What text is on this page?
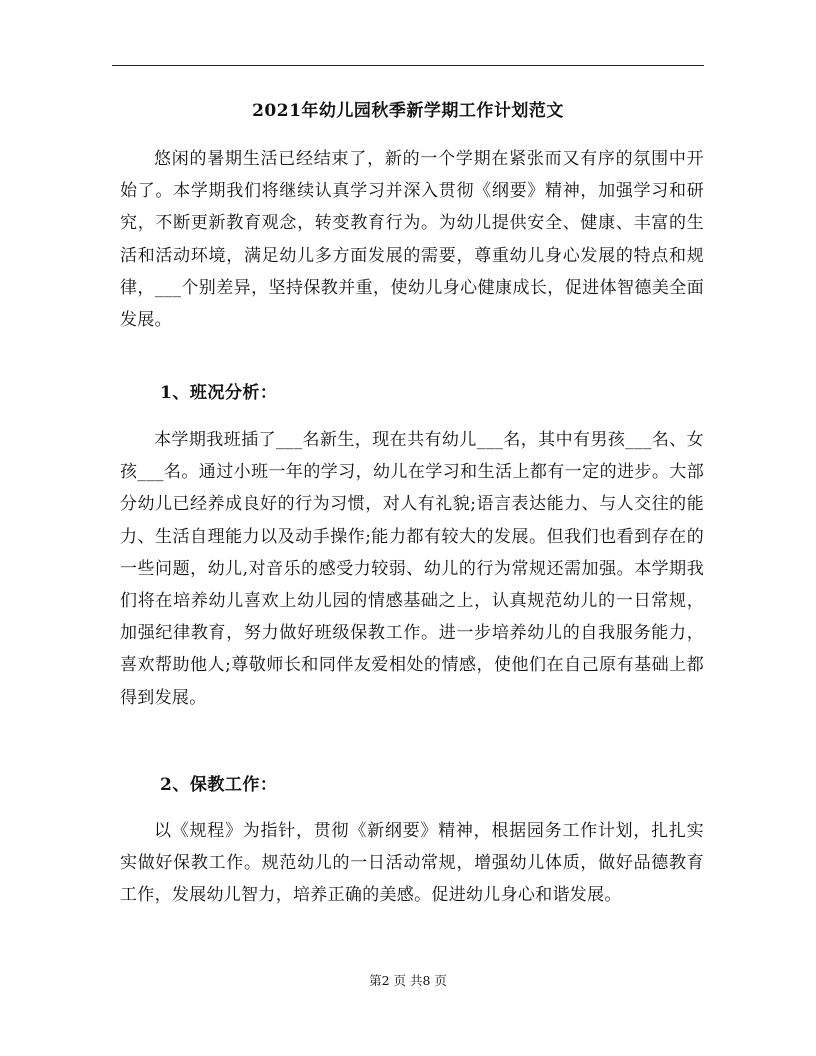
2021年幼儿园秋季新学期工作计划范文

悠闲的暑期生活已经结束了，新的一个学期在紧张而又有序的氛围中开始了。本学期我们将继续认真学习并深入贯彻《纲要》精神，加强学习和研究，不断更新教育观念，转变教育行为。为幼儿提供安全、健康、丰富的生活和活动环境，满足幼儿多方面发展的需要，尊重幼儿身心发展的特点和规律，___个别差异，坚持保教并重，使幼儿身心健康成长，促进体智德美全面发展。

1、班况分析：

本学期我班插了___名新生，现在共有幼儿___名，其中有男孩___名、女孩___名。通过小班一年的学习，幼儿在学习和生活上都有一定的进步。大部分幼儿已经养成良好的行为习惯，对人有礼貌;语言表达能力、与人交往的能力、生活自理能力以及动手操作;能力都有较大的发展。但我们也看到存在的一些问题，幼儿,对音乐的感受力较弱、幼儿的行为常规还需加强。本学期我们将在培养幼儿喜欢上幼儿园的情感基础之上，认真规范幼儿的一日常规，加强纪律教育，努力做好班级保教工作。进一步培养幼儿的自我服务能力，喜欢帮助他人;尊敬师长和同伴友爱相处的情感，使他们在自己原有基础上都得到发展。

2、保教工作：

以《规程》为指针，贯彻《新纲要》精神，根据园务工作计划，扎扎实实做好保教工作。规范幼儿的一日活动常规，增强幼儿体质，做好品德教育工作，发展幼儿智力，培养正确的美感。促进幼儿身心和谐发展。

第2 页 共8 页
